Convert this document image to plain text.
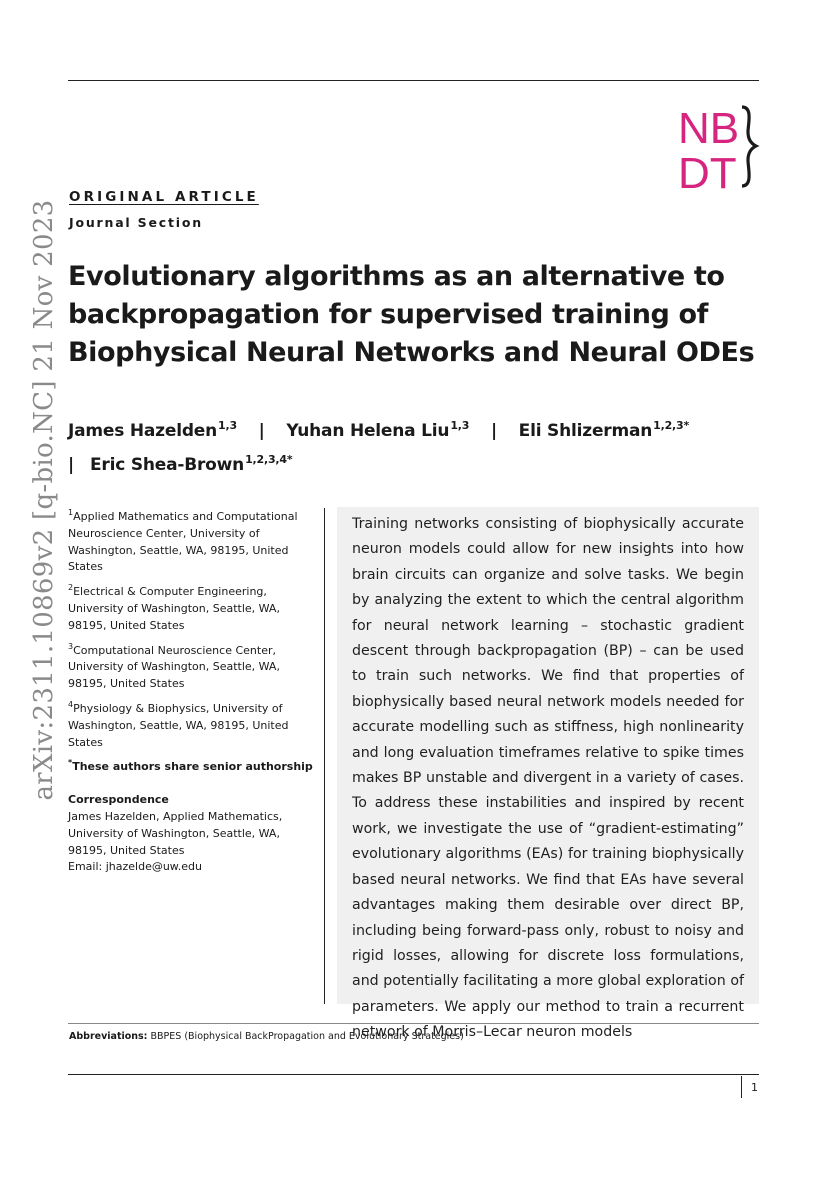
arXiv:2311.10869v2 [q-bio.NC] 21 Nov 2023
NB
DT
ORIGINAL ARTICLE
Journal Section
Evolutionary algorithms as an alternative to
backpropagation for supervised training of
Biophysical Neural Networks and Neural ODEs
James Hazelden$^{1,3}$ | Yuhan Helena Liu$^{1,3}$ | Eli Shlizerman$^{1,2,3*}$
| Eric Shea-Brown$^{1,2,3,4*}$
$^1$Applied Mathematics and Computational Neuroscience Center, University of Washington, Seattle, WA, 98195, United States
$^2$Electrical & Computer Engineering, University of Washington, Seattle, WA, 98195, United States
$^3$Computational Neuroscience Center, University of Washington, Seattle, WA, 98195, United States
$^4$Physiology & Biophysics, University of Washington, Seattle, WA, 98195, United States
*These authors share senior authorship
Correspondence
James Hazelden, Applied Mathematics,
University of Washington, Seattle, WA,
98195, United States
Email: jhazelde@uw.edu
Training networks consisting of biophysically accurate neuron models could allow for new insights into how brain circuits can organize and solve tasks. We begin by analyzing the extent to which the central algorithm for neural network learning – stochastic gradient descent through backpropagation (BP) – can be used to train such networks. We find that properties of biophysically based neural network models needed for accurate modelling such as stiffness, high nonlinearity and long evaluation timeframes relative to spike times makes BP unstable and divergent in a variety of cases. To address these instabilities and inspired by recent work, we investigate the use of “gradient-estimating” evolutionary algorithms (EAs) for training biophysically based neural networks. We find that EAs have several advantages making them desirable over direct BP, including being forward-pass only, robust to noisy and rigid losses, allowing for discrete loss formulations, and potentially facilitating a more global exploration of parameters. We apply our method to train a recurrent network of Morris–Lecar neuron models
Abbreviations: BBPES (Biophysical BackPropagation and Evolutionary Strategies)
1
